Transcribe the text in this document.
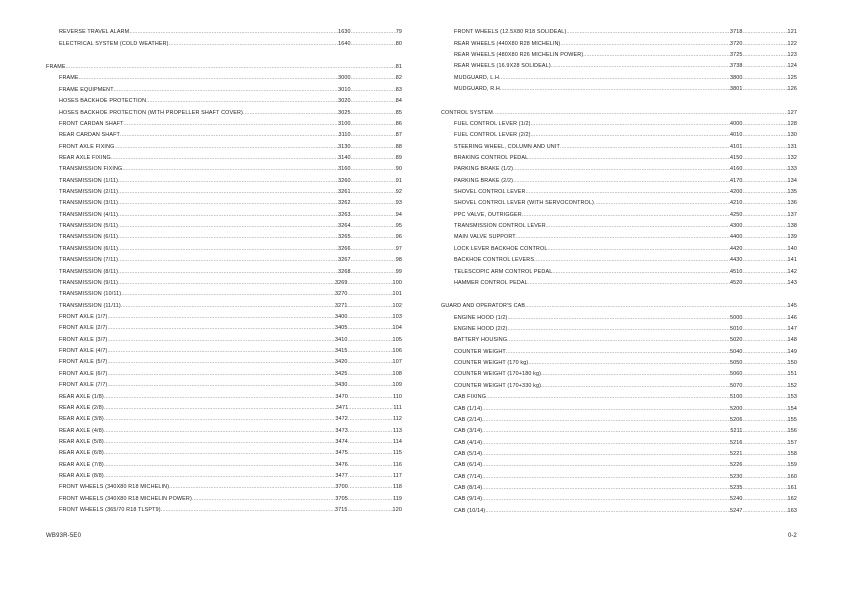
REVERSE TRAVEL ALARM .....	1630 .....	79
ELECTRICAL SYSTEM (COLD WEATHER) .....	1640 .....	80
FRAME .....	81
FRAME .....	3000 .....	82
FRAME EQUIPMENT .....	3010 .....	83
HOSES BACKHOE PROTECTION .....	3020 .....	84
HOSES BACKHOE PROTECTION (WITH PROPELLER SHAFT COVER) .....	3025 .....	85
FRONT CARDAN SHAFT .....	3100 .....	86
REAR CARDAN SHAFT .....	3110 .....	87
FRONT AXLE FIXING .....	3130 .....	88
REAR AXLE FIXING .....	3140 .....	89
TRANSMISSION FIXING .....	3160 .....	90
TRANSMISSION (1/11) .....	3260 .....	91
TRANSMISSION (2/11) .....	3261 .....	92
TRANSMISSION (3/11) .....	3262 .....	93
TRANSMISSION (4/11) .....	3263 .....	94
TRANSMISSION (5/11) .....	3264 .....	95
TRANSMISSION (6/11) .....	3265 .....	96
TRANSMISSION (6/11) .....	3266 .....	97
TRANSMISSION (7/11) .....	3267 .....	98
TRANSMISSION (8/11) .....	3268 .....	99
TRANSMISSION (9/11) .....	3269 .....	100
TRANSMISSION (10/11) .....	3270 .....	101
TRANSMISSION (11/11) .....	3271 .....	102
FRONT AXLE (1/7) .....	3400 .....	103
FRONT AXLE (2/7) .....	3405 .....	104
FRONT AXLE (3/7) .....	3410 .....	105
FRONT AXLE (4/7) .....	3415 .....	106
FRONT AXLE (5/7) .....	3420 .....	107
FRONT AXLE (6/7) .....	3425 .....	108
FRONT AXLE (7/7) .....	3430 .....	109
REAR AXLE (1/8) .....	3470 .....	110
REAR AXLE (2/8) .....	3471 .....	111
REAR AXLE (3/8) .....	3472 .....	112
REAR AXLE (4/8) .....	3473 .....	113
REAR AXLE (5/8) .....	3474 .....	114
REAR AXLE (6/8) .....	3475 .....	115
REAR AXLE (7/8) .....	3476 .....	116
REAR AXLE (8/8) .....	3477 .....	117
FRONT WHEELS (340X80 R18 MICHELIN) .....	3700 .....	118
FRONT WHEELS (340X80 R18 MICHELIN POWER) .....	3705 .....	119
FRONT WHEELS (365/70 R18 TLSPT9) .....	3715 .....	120
FRONT WHEELS (12.5X80 R18 SOLIDEAL) .....	3718 .....	121
REAR WHEELS (440X80 R28 MICHELIN) .....	3720 .....	122
REAR WHEELS (480X80 R26 MICHELIN POWER) .....	3725 .....	123
REAR WHEELS (16.9X28 SOLIDEAL) .....	3738 .....	124
MUDGUARD, L.H. .....	3800 .....	125
MUDGUARD, R.H. .....	3801 .....	126
CONTROL SYSTEM .....	127
FUEL CONTROL LEVER (1/2) .....	4000 .....	128
FUEL CONTROL LEVER (2/2) .....	4010 .....	130
STEERING WHEEL, COLUMN AND UNIT .....	4101 .....	131
BRAKING CONTROL PEDAL .....	4150 .....	132
PARKING BRAKE (1/2) .....	4160 .....	133
PARKING BRAKE (2/2) .....	4170 .....	134
SHOVEL CONTROL LEVER .....	4200 .....	135
SHOVEL CONTROL LEVER (WITH SERVOCONTROL) .....	4210 .....	136
PPC VALVE, OUTRIGGER .....	4250 .....	137
TRANSMISSION CONTROL LEVER .....	4300 .....	138
MAIN VALVE SUPPORT .....	4400 .....	139
LOCK LEVER BACKHOE CONTROL .....	4420 .....	140
BACKHOE CONTROL LEVERS .....	4430 .....	141
TELESCOPIC ARM CONTROL PEDAL .....	4510 .....	142
HAMMER CONTROL PEDAL .....	4520 .....	143
GUARD AND OPERATOR'S CAB .....	145
ENGINE HOOD (1/2) .....	5000 .....	146
ENGINE HOOD (2/2) .....	5010 .....	147
BATTERY HOUSING .....	5020 .....	148
COUNTER WEIGHT .....	5040 .....	149
COUNTER WEIGHT (170 kg) .....	5050 .....	150
COUNTER WEIGHT (170+180 kg) .....	5060 .....	151
COUNTER WEIGHT (170+330 kg) .....	5070 .....	152
CAB FIXING .....	5100 .....	153
CAB (1/14) .....	5200 .....	154
CAB (2/14) .....	5206 .....	155
CAB (3/14) .....	5211 .....	156
CAB (4/14) .....	5216 .....	157
CAB (5/14) .....	5221 .....	158
CAB (6/14) .....	5226 .....	159
CAB (7/14) .....	5230 .....	160
CAB (8/14) .....	5235 .....	161
CAB (9/14) .....	5240 .....	162
CAB (10/14) .....	5247 .....	163
WB93R-5E0	0-2
